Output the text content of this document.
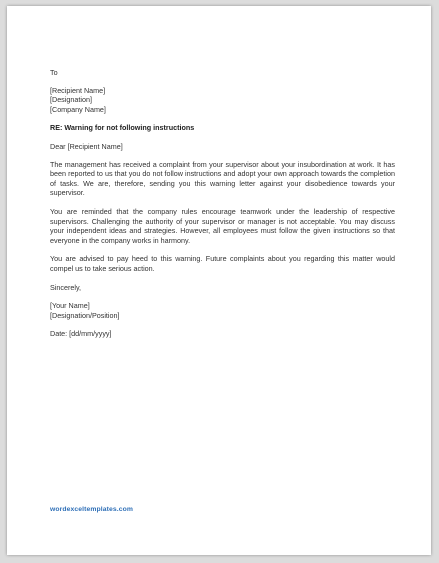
To
[Recipient Name]
[Designation]
[Company Name]
RE: Warning for not following instructions
Dear [Recipient Name]

The management has received a complaint from your supervisor about your insubordination at work. It has been reported to us that you do not follow instructions and adopt your own approach towards the completion of tasks. We are, therefore, sending you this warning letter against your disobedience towards your supervisor.

You are reminded that the company rules encourage teamwork under the leadership of respective supervisors. Challenging the authority of your supervisor or manager is not acceptable. You may discuss your independent ideas and strategies. However, all employees must follow the given instructions so that everyone in the company works in harmony.

You are advised to pay heed to this warning. Future complaints about you regarding this matter would compel us to take serious action.

Sincerely,
[Your Name]
[Designation/Position]
Date: [dd/mm/yyyy]
wordexceltemplates.com
